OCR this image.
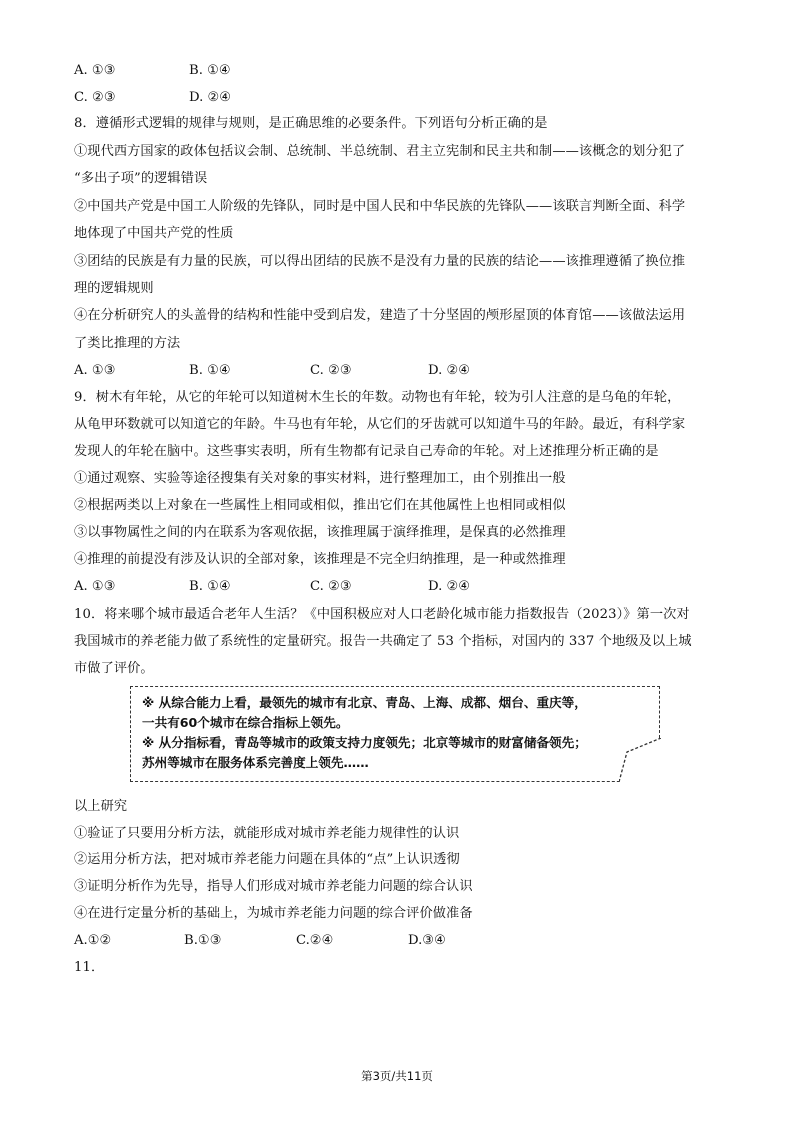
A. ①③	B. ①④
C. ②③	D. ②④
8．遵循形式逻辑的规律与规则，是正确思维的必要条件。下列语句分析正确的是
①现代西方国家的政体包括议会制、总统制、半总统制、君主立宪制和民主共和制——该概念的划分犯了
“多出子项”的逻辑错误
②中国共产党是中国工人阶级的先锋队，同时是中国人民和中华民族的先锋队——该联言判断全面、科学
地体现了中国共产党的性质
③团结的民族是有力量的民族，可以得出团结的民族不是没有力量的民族的结论——该推理遵循了换位推
理的逻辑规则
④在分析研究人的头盖骨的结构和性能中受到启发，建造了十分坚固的颅形屋顶的体育馆——该做法运用
了类比推理的方法
A. ①③	B. ①④	C. ②③	D. ②④
9．树木有年轮，从它的年轮可以知道树木生长的年数。动物也有年轮，较为引人注意的是乌龟的年轮，
从龟甲环数就可以知道它的年龄。牛马也有年轮，从它们的牙齿就可以知道牛马的年龄。最近，有科学家
发现人的年轮在脑中。这些事实表明，所有生物都有记录自己寿命的年轮。对上述推理分析正确的是
①通过观察、实验等途径搜集有关对象的事实材料，进行整理加工，由个别推出一般
②根据两类以上对象在一些属性上相同或相似，推出它们在其他属性上也相同或相似
③以事物属性之间的内在联系为客观依据，该推理属于演绎推理，是保真的必然推理
④推理的前提没有涉及认识的全部对象，该推理是不完全归纳推理，是一种或然推理
A. ①③	B. ①④	C. ②③	D. ②④
10．将来哪个城市最适合老年人生活？《中国积极应对人口老龄化城市能力指数报告（2023）》第一次对
我国城市的养老能力做了系统性的定量研究。报告一共确定了 53 个指标，对国内的 337 个地级及以上城
市做了评价。
※ 从综合能力上看，最领先的城市有北京、青岛、上海、成都、烟台、重庆等，
一共有60个城市在综合指标上领先。
※ 从分指标看，青岛等城市的政策支持力度领先；北京等城市的财富储备领先；
苏州等城市在服务体系完善度上领先……
以上研究
①验证了只要用分析方法，就能形成对城市养老能力规律性的认识
②运用分析方法，把对城市养老能力问题在具体的“点”上认识透彻
③证明分析作为先导，指导人们形成对城市养老能力问题的综合认识
④在进行定量分析的基础上，为城市养老能力问题的综合评价做准备
A.①②	B.①③	C.②④	D.③④
11．
第3页/共11页
